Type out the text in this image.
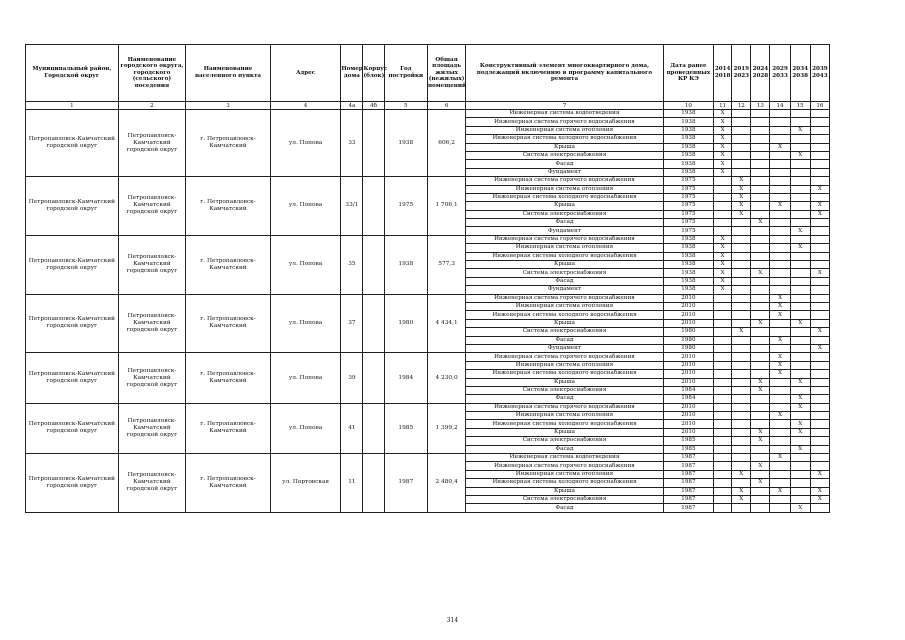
Муниципальный район, Городской округ	Наименование городского округа, городского (сельского) поседения	Наименование населенного пункта	Адрес	Номер дома	Корпус (блок)	Год постройки	Общая площадь жилых (нежилых) помещений	Конструктивный элемент многоквартирного дома, подлежащий включению в программу капитального ремонта	Дата ранее проведенных КР КЭ	2014 2018	2019 2023	2024 2028	2029 2033	2034 2038	2039 2043
1	2	3	4	4а	4б	5	6	7	10	11	12	13	14	15	16
Петропавловск-Камчатский городской округ	Петропавловск-Камчатский городской округ	г. Петропавловск-Камчатский	ул. Попова	33		1938	606,2	Инженерная система водоотведения	1938	X					
								Инженерная система горячего водоснабжения	1938	X					
								Инженерная система отопления	1938	X				X	
								Инженерная система холодного водоснабжения	1938	X					
								Крыша	1938	X			X		
								Система электроснабжения	1938	X				X	
								Фасад	1938	X					
								Фундамент	1938	X					
Петропавловск-Камчатский городской округ	Петропавловск-Камчатский городской округ	г. Петропавловск-Камчатский	ул. Попова	33/1		1975	1 706,1	Инженерная система горячего водоснабжения	1975		X				
								Инженерная система отопления	1975		X				X
								Инженерная система холодного водоснабжения	1975		X				
								Крыша	1975		X		X		X
								Система электроснабжения	1975		X				X
								Фасад	1975			X			
								Фундамент	1975					X	
Петропавловск-Камчатский городской округ	Петропавловск-Камчатский городской округ	г. Петропавловск-Камчатский	ул. Попова	35		1938	577,3	Инженерная система горячего водоснабжения	1938	X					
								Инженерная система отопления	1938	X				X	
								Инженерная система холодного водоснабжения	1938	X					
								Крыша	1938	X					
								Система электроснабжения	1938	X		X			X
								Фасад	1938	X					
								Фундамент	1938	X					
Петропавловск-Камчатский городской округ	Петропавловск-Камчатский городской округ	г. Петропавловск-Камчатский	ул. Попова	37		1980	4 434,1	Инженерная система горячего водоснабжения	2010				X		
								Инженерная система отопления	2010				X		
								Инженерная система холодного водоснабжения	2010				X		
								Крыша	2010			X		X	
								Система электроснабжения	1980		X				X
								Фасад	1980				X		
								Фундамент	1980						X
Петропавловск-Камчатский городской округ	Петропавловск-Камчатский городской округ	г. Петропавловск-Камчатский	ул. Попова	39		1984	4 230,0	Инженерная система горячего водоснабжения	2010				X		
								Инженерная система отопления	2010				X		
								Инженерная система холодного водоснабжения	2010				X		
								Крыша	2010			X		X	
								Система электроснабжения	1984			X			
								Фасад	1984					X	
Петропавловск-Камчатский городской округ	Петропавловск-Камчатский городской округ	г. Петропавловск-Камчатский	ул. Попова	41		1985	1 399,2	Инженерная система горячего водоснабжения	2010					X	
								Инженерная система отопления	2010				X		
								Инженерная система холодного водоснабжения	2010					X	
								Крыша	2010			X		X	
								Система электроснабжения	1985			X			
								Фасад	1985					X	
Петропавловск-Камчатский городской округ	Петропавловск-Камчатский городской округ	г. Петропавловск-Камчатский	ул. Портовская	11		1987	2 480,4	Инженерная система водоотведения	1987				X		
								Инженерная система горячего водоснабжения	1987			X			
								Инженерная система отопления	1987		X				X
								Инженерная система холодного водоснабжения	1987			X			
								Крыша	1987		X		X		X
								Система электроснабжения	1987		X				X
								Фасад	1987					X	
314
